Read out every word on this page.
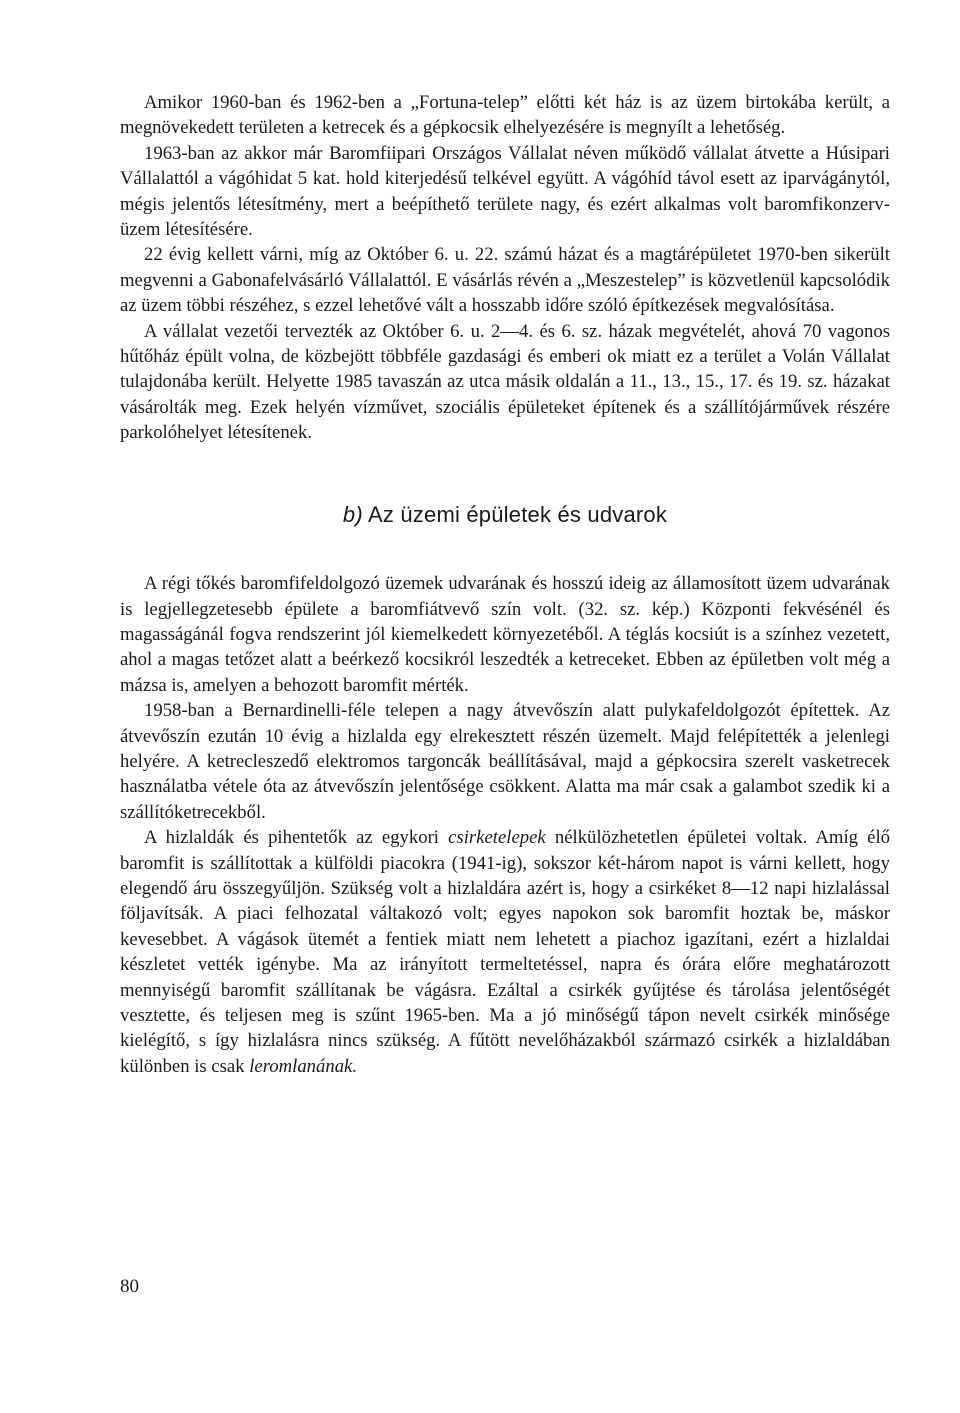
Amikor 1960-ban és 1962-ben a „Fortuna-telep” előtti két ház is az üzem birtokába került, a megnövekedett területen a ketrecek és a gépkocsik elhelyezésére is megnyílt a lehetőség.

1963-ban az akkor már Baromfiipari Országos Vállalat néven működő vállalat átvette a Húsipari Vállalattól a vágóhidat 5 kat. hold kiterjedésű telkével együtt. A vágóhíd távol esett az iparvágánytól, mégis jelentős létesítmény, mert a beépíthető területe nagy, és ezért alkalmas volt baromfikonzerv-üzem létesítésére.

22 évig kellett várni, míg az Október 6. u. 22. számú házat és a magtárépületet 1970-ben sikerült megvenni a Gabonafelvásárló Vállalattól. E vásárlás révén a „Meszestelep” is közvetlenül kapcsolódik az üzem többi részéhez, s ezzel lehetővé vált a hosszabb időre szóló építkezések megvalósítása.

A vállalat vezetői tervezték az Október 6. u. 2—4. és 6. sz. házak megvételét, ahová 70 vagonos hűtőház épült volna, de közbejött többféle gazdasági és emberi ok miatt ez a terület a Volán Vállalat tulajdonába került. Helyette 1985 tavaszán az utca másik oldalán a 11., 13., 15., 17. és 19. sz. házakat vásárolták meg. Ezek helyén vízművet, szociális épületeket építenek és a szállítójárművek részére parkolóhelyet létesítenek.

b) Az üzemi épületek és udvarok

A régi tőkés baromfifeldolgozó üzemek udvarának és hosszú ideig az államosított üzem udvarának is legjellegzetesebb épülete a baromfiátvevő szín volt. (32. sz. kép.) Központi fekvésénél és magasságánál fogva rendszerint jól kiemelkedett környezetéből. A téglás kocsiút is a színhez vezetett, ahol a magas tetőzet alatt a beérkező kocsikról leszedték a ketreceket. Ebben az épületben volt még a mázsa is, amelyen a behozott baromfit mérték.

1958-ban a Bernardinelli-féle telepen a nagy átvevőszín alatt pulykafeldolgozót építettek. Az átvevőszín ezután 10 évig a hizlalda egy elrekesztett részén üzemelt. Majd felépítették a jelenlegi helyére. A ketrecleszedő elektromos targoncák beállításával, majd a gépkocsira szerelt vasketrecek használatba vétele óta az átvevőszín jelentősége csökkent. Alatta ma már csak a galambot szedik ki a szállítóketrecekből.

A hizlaldák és pihentetők az egykori csirketelepek nélkülözhetetlen épületei voltak. Amíg élő baromfit is szállítottak a külföldi piacokra (1941-ig), sokszor két-három napot is várni kellett, hogy elegendő áru összegyűljön. Szükség volt a hizlaldára azért is, hogy a csirkéket 8—12 napi hizlalással följavítsák. A piaci felhozatal váltakozó volt; egyes napokon sok baromfit hoztak be, máskor kevesebbet. A vágások ütemét a fentiek miatt nem lehetett a piachoz igazítani, ezért a hizlaldai készletet vették igénybe. Ma az irányított termeltetéssel, napra és órára előre meghatározott mennyiségű baromfit szállítanak be vágásra. Ezáltal a csirkék gyűjtése és tárolása jelentőségét vesztette, és teljesen meg is szűnt 1965-ben. Ma a jó minőségű tápon nevelt csirkék minősége kielégítő, s így hizlalásra nincs szükség. A fűtött nevelőházakból származó csirkék a hizlaldában különben is csak leromlanának.

80
